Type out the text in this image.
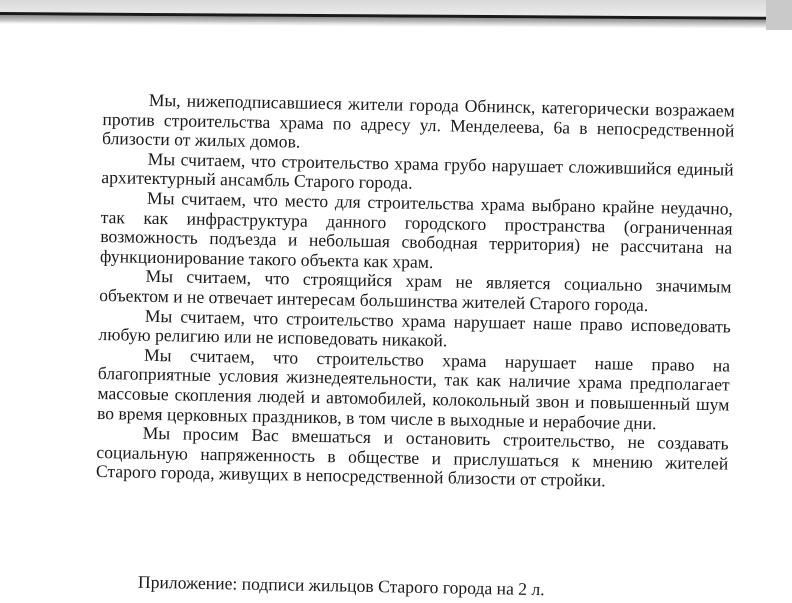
Мы, нижеподписавшиеся жители города Обнинск, категорически возражаем против строительства храма по адресу ул. Менделеева, 6а в непосредственной близости от жилых домов.

Мы считаем, что строительство храма грубо нарушает сложившийся единый архитектурный ансамбль Старого города.

Мы считаем, что место для строительства храма выбрано крайне неудачно, так как инфраструктура данного городского пространства (ограниченная возможность подъезда и небольшая свободная территория) не рассчитана на функционирование такого объекта как храм.

Мы считаем, что строящийся храм не является социально значимым объектом и не отвечает интересам большинства жителей Старого города.

Мы считаем, что строительство храма нарушает наше право исповедовать любую религию или не исповедовать никакой.

Мы считаем, что строительство храма нарушает наше право на благоприятные условия жизнедеятельности, так как наличие храма предполагает массовые скопления людей и автомобилей, колокольный звон и повышенный шум во время церковных праздников, в том числе в выходные и нерабочие дни.

Мы просим Вас вмешаться и остановить строительство, не создавать социальную напряженность в обществе и прислушаться к мнению жителей Старого города, живущих в непосредственной близости от стройки.

Приложение: подписи жильцов Старого города на 2 л.
